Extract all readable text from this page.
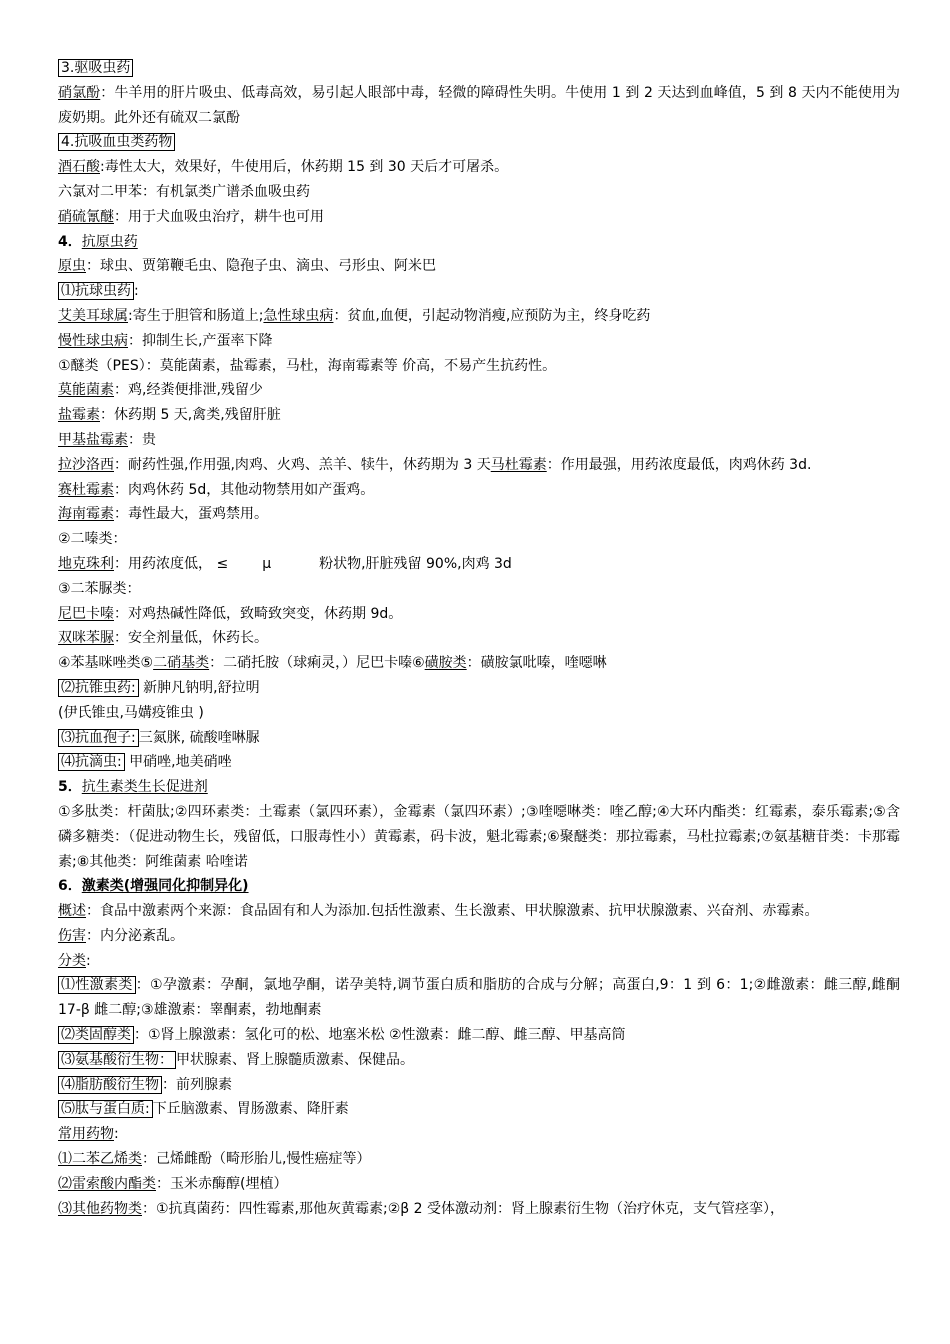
3.驱吸虫药
硝氯酚：牛羊用的肝片吸虫、低毒高效，易引起人眼部中毒，轻微的障碍性失明。牛使用 1 到 2 天达到血峰值，5 到 8 天内不能使用为废奶期。此外还有硫双二氯酚
4.抗吸血虫类药物
酒石酸:毒性太大，效果好，牛使用后，休药期 15 到 30 天后才可屠杀。
六氯对二甲苯：有机氯类广谱杀血吸虫药
硝硫氰醚：用于犬血吸虫治疗，耕牛也可用
4．抗原虫药
原虫：球虫、贾第鞭毛虫、隐孢子虫、滴虫、弓形虫、阿米巴
⑴抗球虫药 :
艾美耳球属:寄生于胆管和肠道上;急性球虫病：贫血,血便，引起动物消瘦,应预防为主，终身吃药
慢性球虫病：抑制生长,产蛋率下降
①醚类（PES）：莫能菌素，盐霉素，马杜，海南霉素等 价高，不易产生抗药性。
莫能菌素：鸡,经粪便排泄,残留少
盐霉素：休药期 5 天,禽类,残留肝脏
甲基盐霉素：贵
拉沙洛西：耐药性强,作用强,肉鸡、火鸡、羔羊、犊牛，休药期为 3 天马杜霉素：作用最强，用药浓度最低，肉鸡休药 3d.
赛杜霉素：肉鸡休药 5d，其他动物禁用如产蛋鸡。
海南霉素：毒性最大，蛋鸡禁用。
②二嗪类：
地克珠利：用药浓度低， ≤ μ	粉状物,肝脏残留 90%,肉鸡 3d
③二苯脲类：
尼巴卡嗪：对鸡热碱性降低，致畸致突变，休药期 9d。
双咪苯脲：安全剂量低，休药长。
④苯基咪唑类⑤二硝基类：二硝托胺（球痢灵，）尼巴卡嗪⑥磺胺类：磺胺氯吡嗪，喹噁啉
⑵抗锥虫药: 新胂凡钠明,舒拉明
(伊氏锥虫,马媾疫锥虫 )
⑶抗血孢子: 三氮脒, 硫酸喹啉脲
⑷抗滴虫: 甲硝唑,地美硝唑
5．抗生素类生长促进剂
①多肽类：杆菌肽;②四环素类：土霉素（氯四环素），金霉素（氯四环素）;③喹噁啉类：喹乙醇;④大环内酯类：红霉素，泰乐霉素;⑤含磷多糖类：（促进动物生长，残留低，口服毒性小）黄霉素，码卡波，魁北霉素;⑥聚醚类：那拉霉素，马杜拉霉素;⑦氨基糖苷类：卡那霉素;⑧其他类：阿维菌素 哈喹诺
6．激素类(增强同化抑制异化)
概述：食品中激素两个来源：食品固有和人为添加.包括性激素、生长激素、甲状腺激素、抗甲状腺激素、兴奋剂、赤霉素。
伤害：内分泌紊乱。
分类:
⑴性激素类 ：①孕激素：孕酮，氯地孕酮，诺孕美特,调节蛋白质和脂肪的合成与分解；高蛋白,9：1 到 6：1;②雌激素：雌三醇,雌酮 17-β 雌二醇;③雄激素：睾酮素，勃地酮素
⑵类固醇类 ：①肾上腺激素：氢化可的松、地塞米松 ②性激素：雌二醇、雌三醇、甲基高筒
⑶氨基酸衍生物： 甲状腺素、肾上腺髓质激素、保健品。
⑷脂肪酸衍生物 ：前列腺素
⑸肽与蛋白质: 下丘脑激素、胃肠激素、降肝素
常用药物:
⑴二苯乙烯类：己烯雌酚（畸形胎儿,慢性癌症等）
⑵雷索酸内酯类：玉米赤酶醇(埋植）
⑶其他药物类：①抗真菌药：四性霉素,那他灰黄霉素;②β 2 受体激动剂：肾上腺素衍生物（治疗休克，支气管痉挛），
